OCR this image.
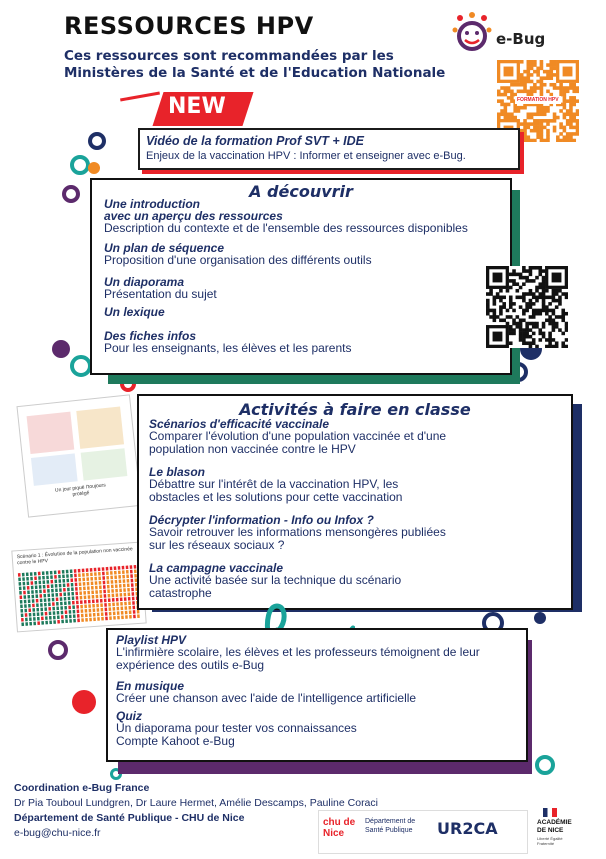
RESSOURCES HPV
Ces ressources sont recommandées par les
Ministères de la Santé et de l'Education Nationale
e-Bug
FORMATION HPV
NEW
Vidéo de la formation Prof SVT + IDE
Enjeux de la vaccination HPV : Informer et enseigner avec e-Bug.
A découvrir
Une introduction
avec un aperçu des ressources
Description du contexte et de l'ensemble des ressources disponibles
Un plan de séquence
Proposition d'une organisation des différents outils
Un diaporama
Présentation du sujet
Un lexique
Des fiches infos
Pour les enseignants, les élèves et les parents
Un jour piqué l'toujours protégé
Scénario 1 : Évolution de la population non vaccinée contre le HPV
Activités à faire en classe
Scénarios d'efficacité vaccinale
Comparer l'évolution d'une population vaccinée et d'une
population non vaccinée contre le HPV
Le blason
Débattre sur l'intérêt de la vaccination HPV, les
obstacles et les solutions pour cette vaccination
Décrypter l'information - Info ou Infox ?
Savoir retrouver les informations mensongères publiées
sur les réseaux sociaux ?
La campagne vaccinale
Une activité basée sur la technique du scénario
catastrophe
Playlist HPV
L'infirmière scolaire, les élèves et les professeurs témoignent de leur
expérience des outils e-Bug
En musique
Créer une chanson avec l'aide de l'intelligence artificielle
Quiz
Un diaporama pour tester vos connaissances
Compte Kahoot e-Bug
Coordination e-Bug France
Dr Pia Touboul Lundgren, Dr Laure Hermet, Amélie Descamps, Pauline Coraci
Département de Santé Publique - CHU de Nice
e-bug@chu-nice.fr
chu de Nice
Département de
Santé Publique UR2CA	ACADÉMIE
DE NICE
Liberté Égalité Fraternité
